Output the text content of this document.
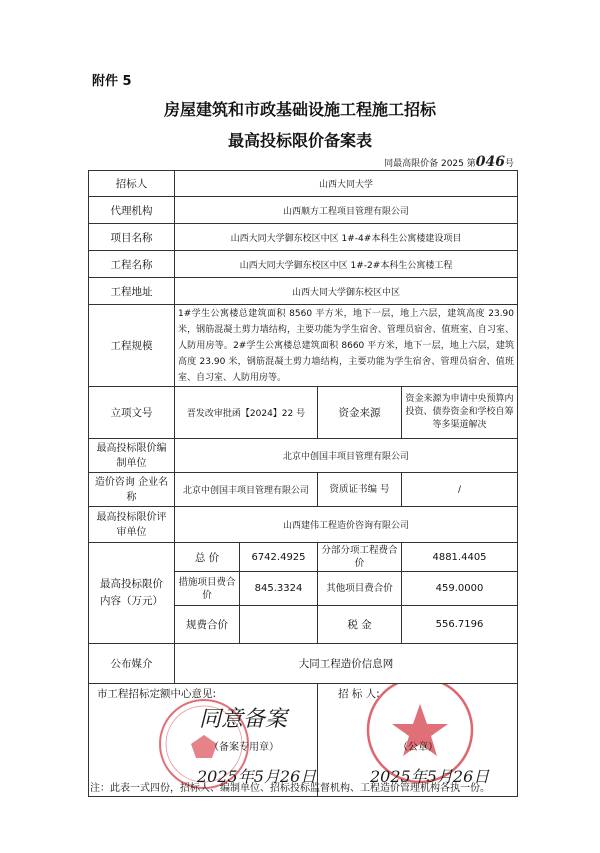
附件 5
房屋建筑和市政基础设施工程施工招标
最高投标限价备案表
同最高限价备 2025 第046号
招标人	山西大同大学			
代理机构	山西顺方工程项目管理有限公司			
项目名称	山西大同大学御东校区中区 1#-4#本科生公寓楼建设项目			
工程名称	山西大同大学御东校区中区 1#-2#本科生公寓楼工程			
工程地址	山西大同大学御东校区中区			
工程规模	1#学生公寓楼总建筑面积 8560 平方米，地下一层，地上六层，建筑高度 23.90 米，钢筋混凝土剪力墙结构，主要功能为学生宿舍、管理员宿舍、值班室、自习室、人防用房等。2#学生公寓楼总建筑面积 8660 平方米，地下一层，地上六层，建筑高度 23.90 米，钢筋混凝土剪力墙结构，主要功能为学生宿舍、管理员宿舍、值班室、自习室、人防用房等。			
立项文号	晋发改审批函【2024】22 号		资金来源	资金来源为申请中央预算内投资、债券资金和学校自筹等多渠道解决
最高投标限价编制单位	北京中创国丰项目管理有限公司			
造价咨询 企业名称	北京中创国丰项目管理有限公司		资质证书编 号	/
最高投标限价评审单位	山西建伟工程造价咨询有限公司			
最高投标限价内容（万元）	总 价	6742.4925	分部分项工程费合价	4881.4405
	措施项目费合价	845.3324	其他项目费合价	459.0000
	规费合价		税 金	556.7196
公布媒介	大同工程造价信息网			

市工程招标定额中心意见:
同意备案
（备案专用章）
2025年5月26日			招 标 人:
（公章）
2025年5月26日	
注：此表一式四份，招标人、编制单位、招标投标监督机构、工程造价管理机构各执一份。
